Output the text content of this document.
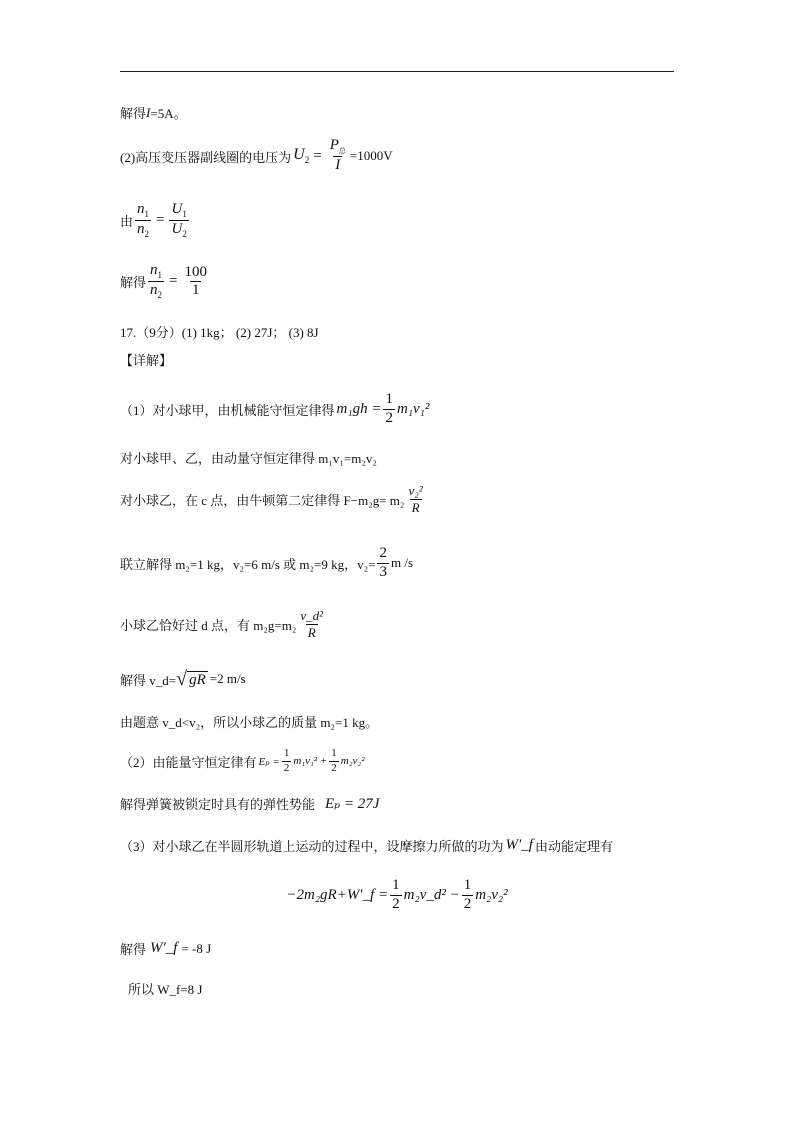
解得 I =5A。
(2)高压变压器副线圈的电压为 $U_2 = \frac{P_总}{I} =1000V$
由 $\frac{n_1}{n_2} = \frac{U_1}{U_2}$
解得 $\frac{n_1}{n_2} = \frac{100}{1}$
17.（9分）(1) 1kg； (2) 27J； (3) 8J
【详解】
（1）对小球甲，由机械能守恒定律得 $m_1gh = \frac{1}{2} m_1v_1^2$
对小球甲、乙，由动量守恒定律得 m₁v₁=m₂v₂
对小球乙，在 c 点，由牛顿第二定律得 $F-m_2g= m_2 \frac{\text{v₂²}}{R}$
联立解得 m₂=1 kg，v₂=6 m/s 或 m₂=9 kg，$v_2= \frac{2}{3}$ m /s
小球乙恰好过 d 点，有 $m_2g=m_2 \frac{\text{v\_d²}}{R}$
解得 v_d= √ gR =2 m/s
由题意 v_d<v₂，所以小球乙的质量 m₂=1 kg。
（2）由能量守恒定律有 $E_p = \frac{1}{2} m_1v_1^2 + \frac{1}{2} m_2v_2^2$
解得弹簧被锁定时具有的弹性势能 Eₚ = 27J
（3）对小球乙在半圆形轨道上运动的过程中，设摩擦力所做的功为 W′_f 由动能定理有
−2m₂gR+W′_f = $\frac{1}{2}$ m₂v_d² − $\frac{1}{2} m_2v_2^2$
解得 W′_f = -8 J
所以 W_f=8 J
